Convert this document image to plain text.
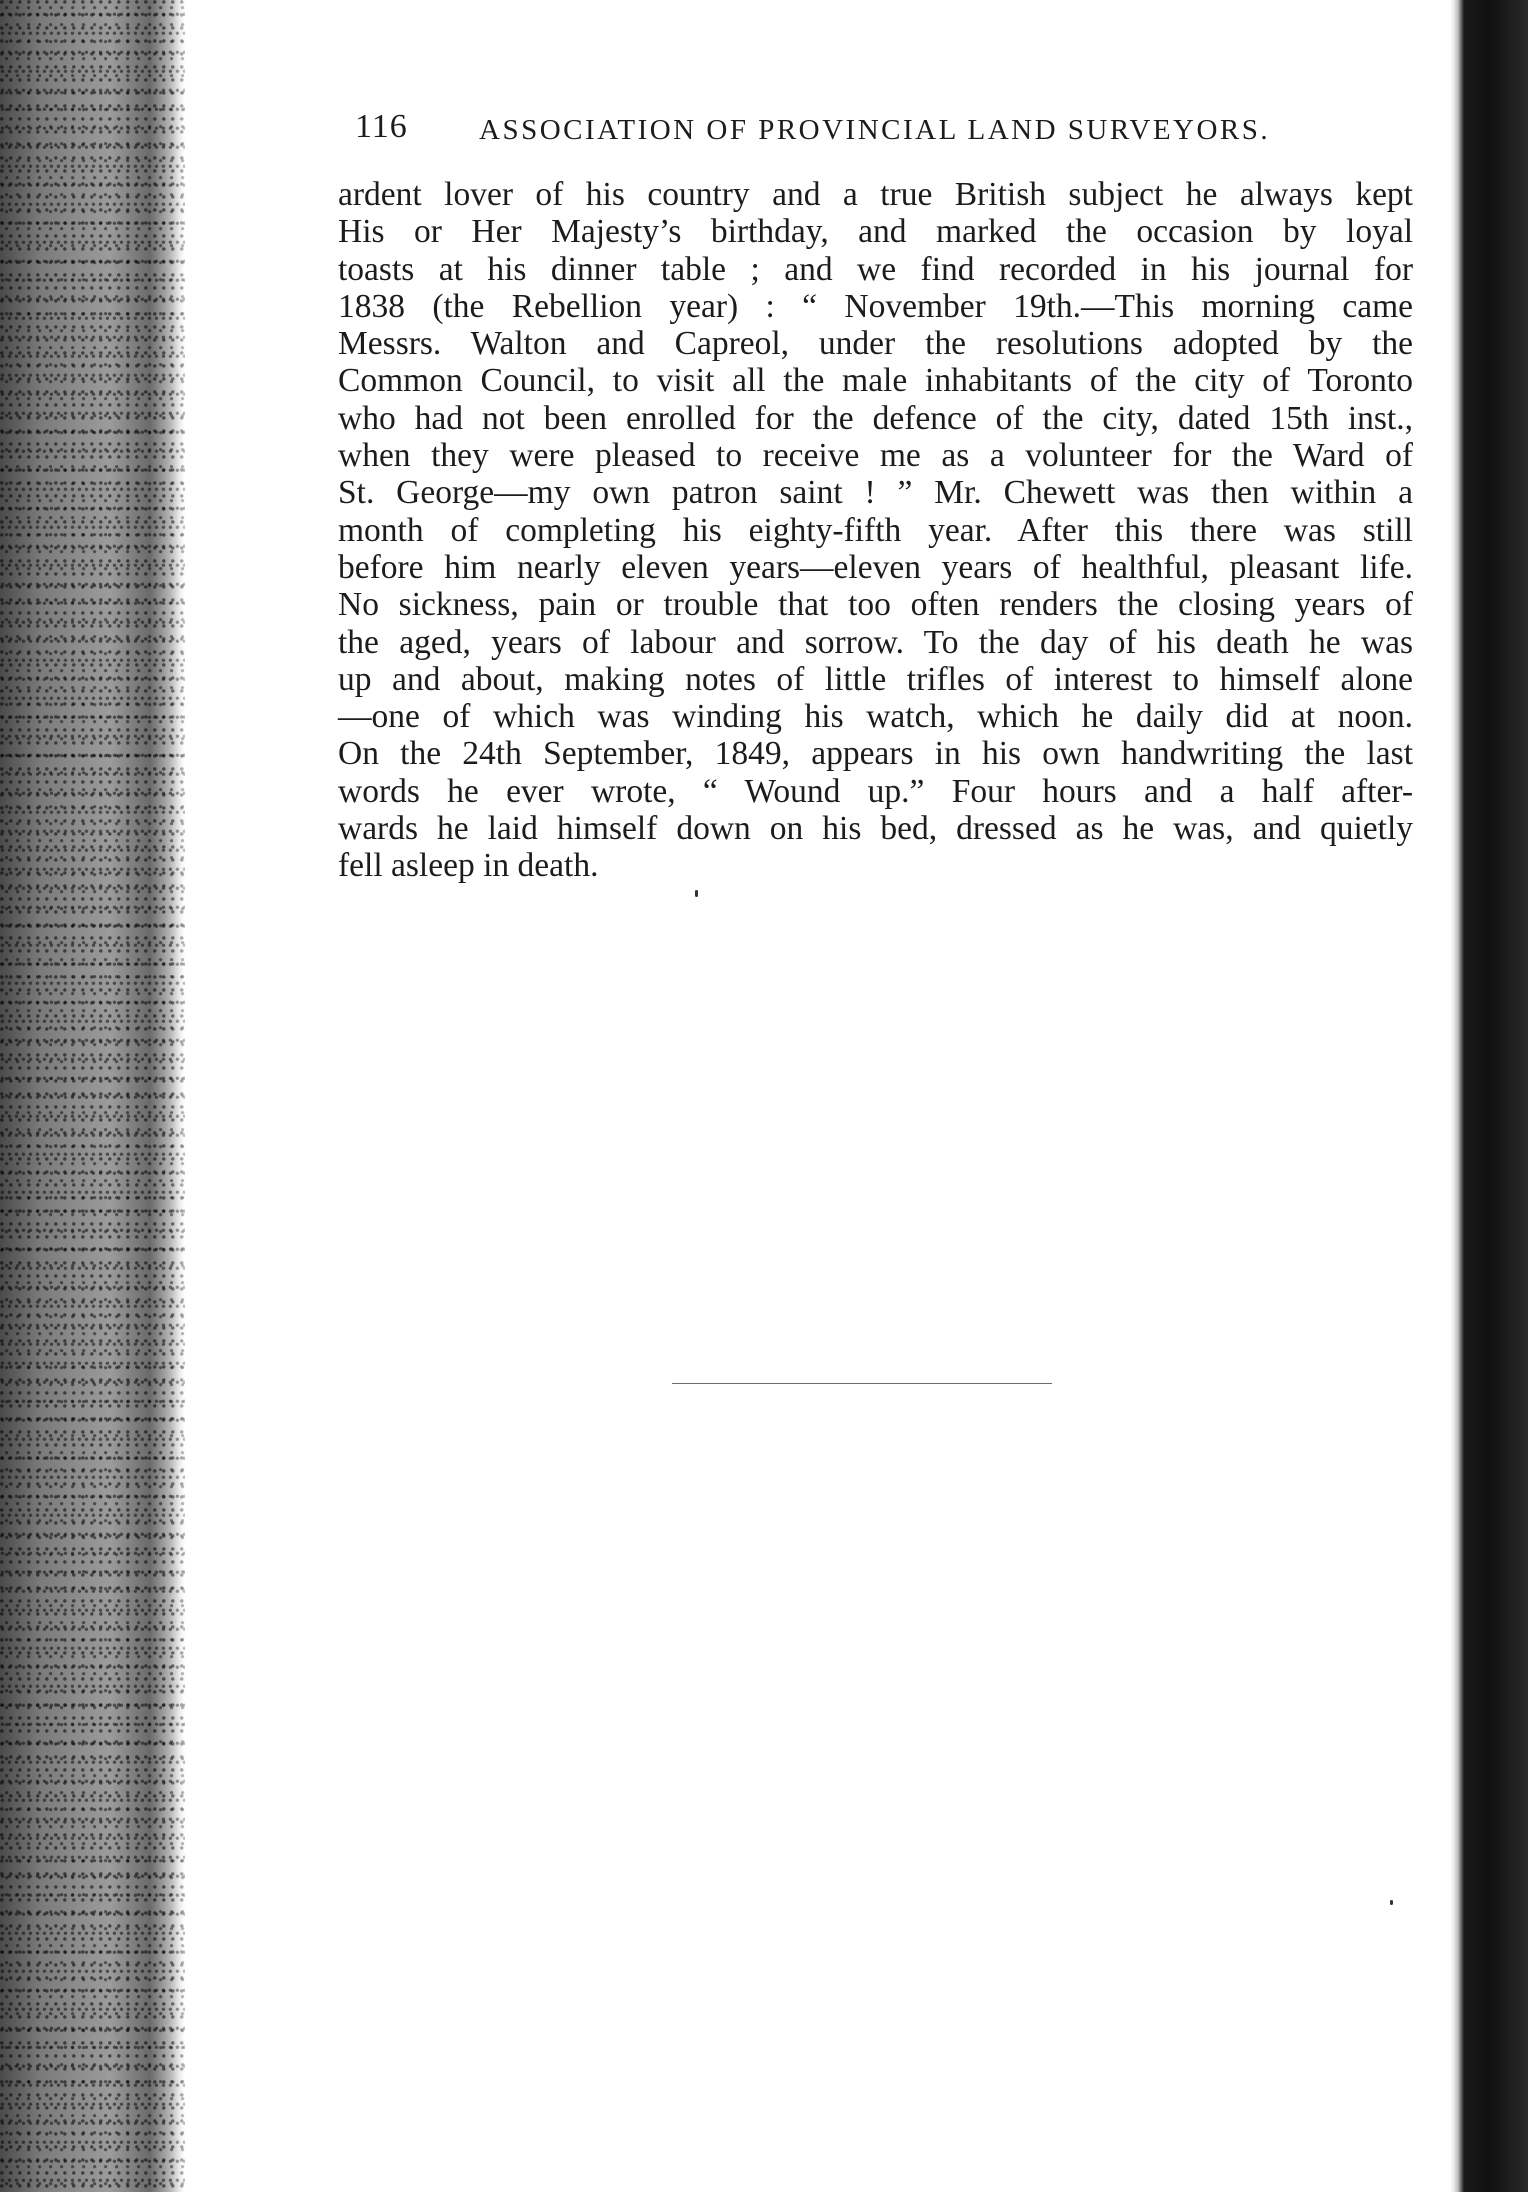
116 ASSOCIATION OF PROVINCIAL LAND SURVEYORS.
ardent lover of his country and a true British subject he always kept
His or Her Majesty’s birthday, and marked the occasion by loyal
toasts at his dinner table ; and we find recorded in his journal for
1838 (the Rebellion year) : “ November 19th.—This morning came
Messrs. Walton and Capreol, under the resolutions adopted by the
Common Council, to visit all the male inhabitants of the city of Toronto
who had not been enrolled for the defence of the city, dated 15th inst.,
when they were pleased to receive me as a volunteer for the Ward of
St. George—my own patron saint ! ” Mr. Chewett was then within a
month of completing his eighty-fifth year. After this there was still
before him nearly eleven years—eleven years of healthful, pleasant life.
No sickness, pain or trouble that too often renders the closing years of
the aged, years of labour and sorrow. To the day of his death he was
up and about, making notes of little trifles of interest to himself alone
—one of which was winding his watch, which he daily did at noon.
On the 24th September, 1849, appears in his own handwriting the last
words he ever wrote, “ Wound up.” Four hours and a half after-
wards he laid himself down on his bed, dressed as he was, and quietly
fell asleep in death.
